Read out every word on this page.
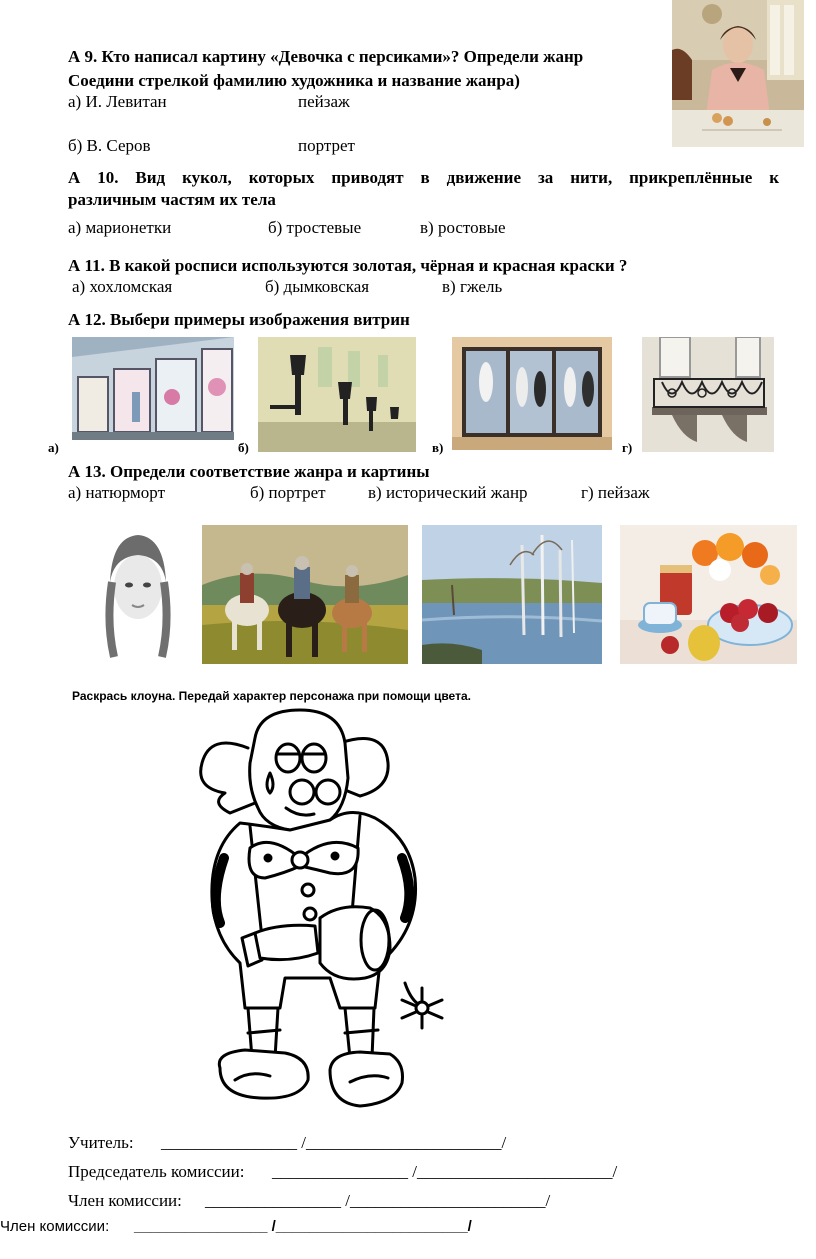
А 9. Кто написал картину «Девочка с персиками»? Определи жанр
Соедини стрелкой фамилию художника и название жанра)
а) И. Левитан	пейзаж
б) В. Серов	портрет
А 10. Вид кукол, которых приводят в движение за нити, прикреплённые к
различным частям их тела
а) марионетки	б) тростевые	в) ростовые
А 11. В какой росписи используются золотая, чёрная и красная краски ?
а) хохломская	б) дымковская	в) гжель
А 12. Выбери примеры изображения витрин
а)	б)	в)	г)
А 13. Определи соответствие жанра и картины
а) натюрморт	б) портрет в) исторический жанр	г) пейзаж
Раскрась клоуна. Передай характер персонажа при помощи цвета.
Учитель: ________________ /_______________________/
Председатель комиссии: ________________ /_______________________/
Член комиссии: ________________ /_______________________/
Член комиссии: ________________ /_______________________/
